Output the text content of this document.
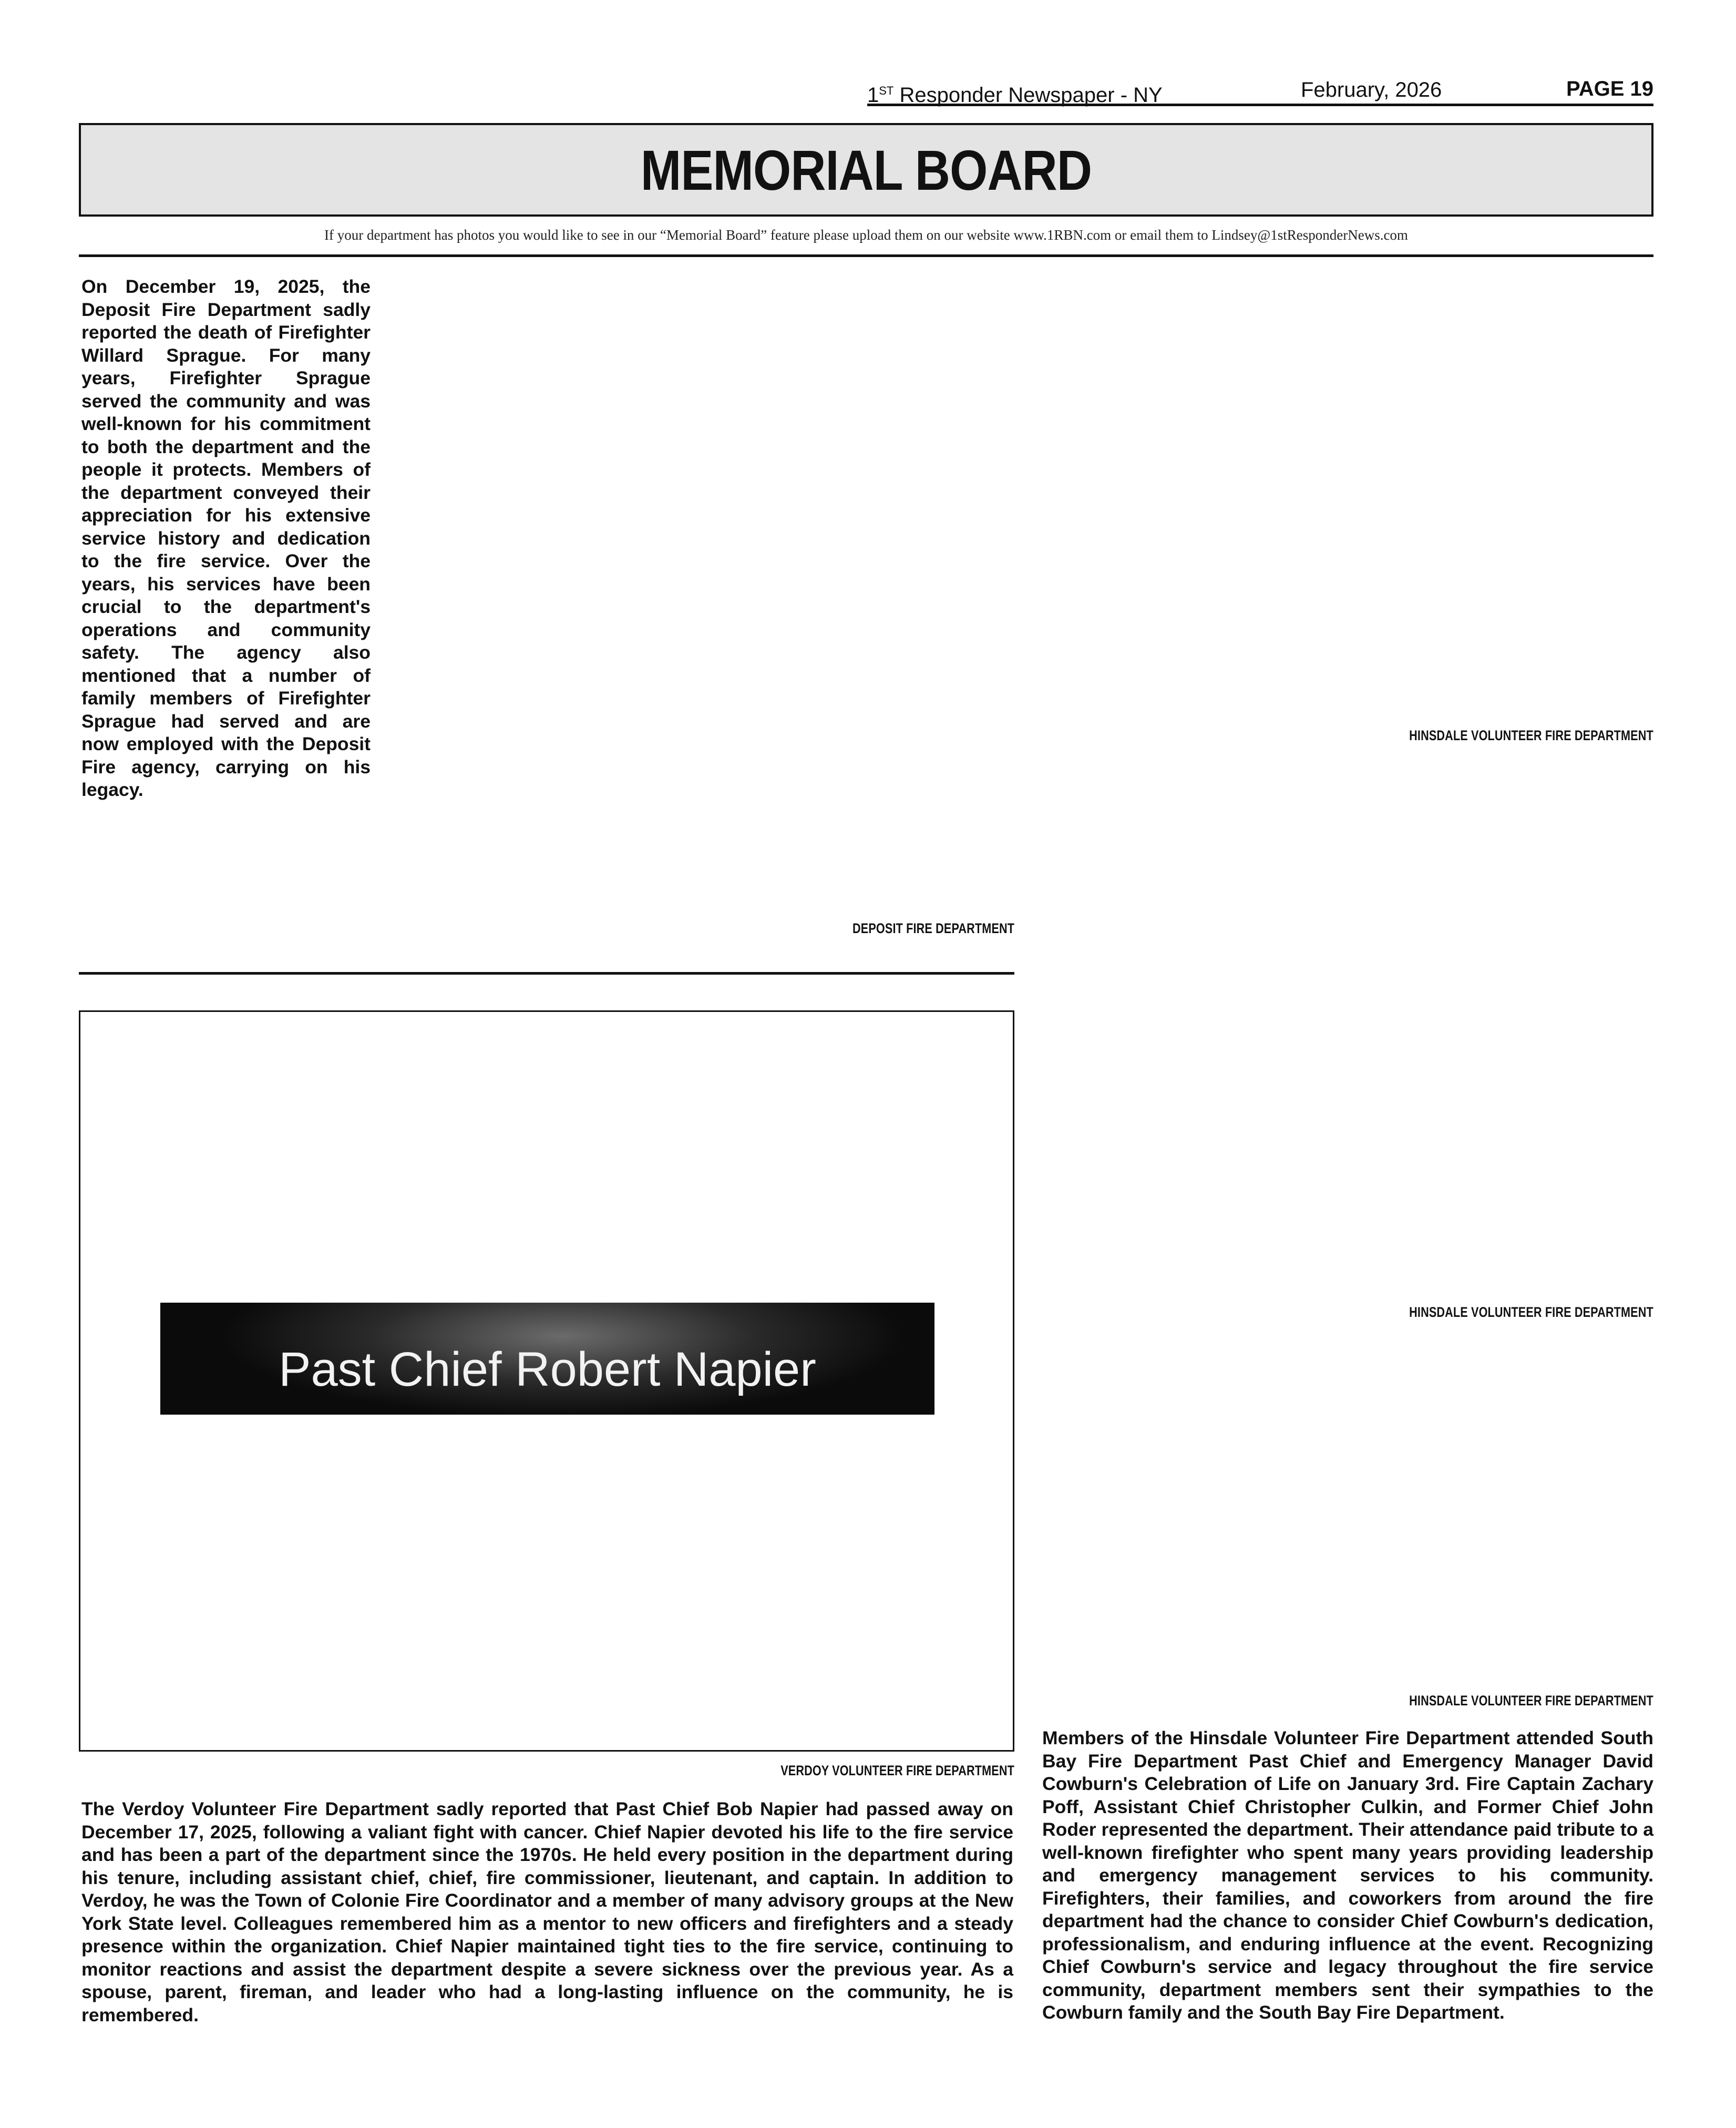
1ST Responder Newspaper - NY	February, 2026	PAGE 19
MEMORIAL BOARD
If your department has photos you would like to see in our “Memorial Board” feature please upload them on our website www.1RBN.com or email them to Lindsey@1stResponderNews.com
On December 19, 2025, the Deposit Fire Department sadly reported the death of Firefighter Willard Sprague. For many years, Firefighter Sprague served the community and was well-known for his commitment to both the department and the people it protects. Members of the department conveyed their appreciation for his extensive service history and dedication to the fire service. Over the years, his services have been crucial to the department's operations and community safety. The agency also mentioned that a number of family members of Firefighter Sprague had served and are now employed with the Deposit Fire agency, carrying on his legacy.
DEPOSIT FIRE DEPARTMENT
HINSDALE VOLUNTEER FIRE DEPARTMENT
HINSDALE VOLUNTEER FIRE DEPARTMENT
HINSDALE VOLUNTEER FIRE DEPARTMENT
Members of the Hinsdale Volunteer Fire Department attended South Bay Fire Department Past Chief and Emergency Manager David Cowburn's Celebration of Life on January 3rd. Fire Captain Zachary Poff, Assistant Chief Christopher Culkin, and Former Chief John Roder represented the department. Their attendance paid tribute to a well-known firefighter who spent many years providing leadership and emergency management services to his community. Firefighters, their families, and coworkers from around the fire department had the chance to consider Chief Cowburn's dedication, professionalism, and enduring influence at the event. Recognizing Chief Cowburn's service and legacy throughout the fire service community, department members sent their sympathies to the Cowburn family and the South Bay Fire Department.
Past Chief Robert Napier
VERDOY VOLUNTEER FIRE DEPARTMENT
The Verdoy Volunteer Fire Department sadly reported that Past Chief Bob Napier had passed away on December 17, 2025, following a valiant fight with cancer. Chief Napier devoted his life to the fire service and has been a part of the department since the 1970s. He held every position in the department during his tenure, including assistant chief, chief, fire commissioner, lieutenant, and captain. In addition to Verdoy, he was the Town of Colonie Fire Coordinator and a member of many advisory groups at the New York State level. Colleagues remembered him as a mentor to new officers and firefighters and a steady presence within the organization. Chief Napier maintained tight ties to the fire service, continuing to monitor reactions and assist the department despite a severe sickness over the previous year. As a spouse, parent, fireman, and leader who had a long-lasting influence on the community, he is remembered.
